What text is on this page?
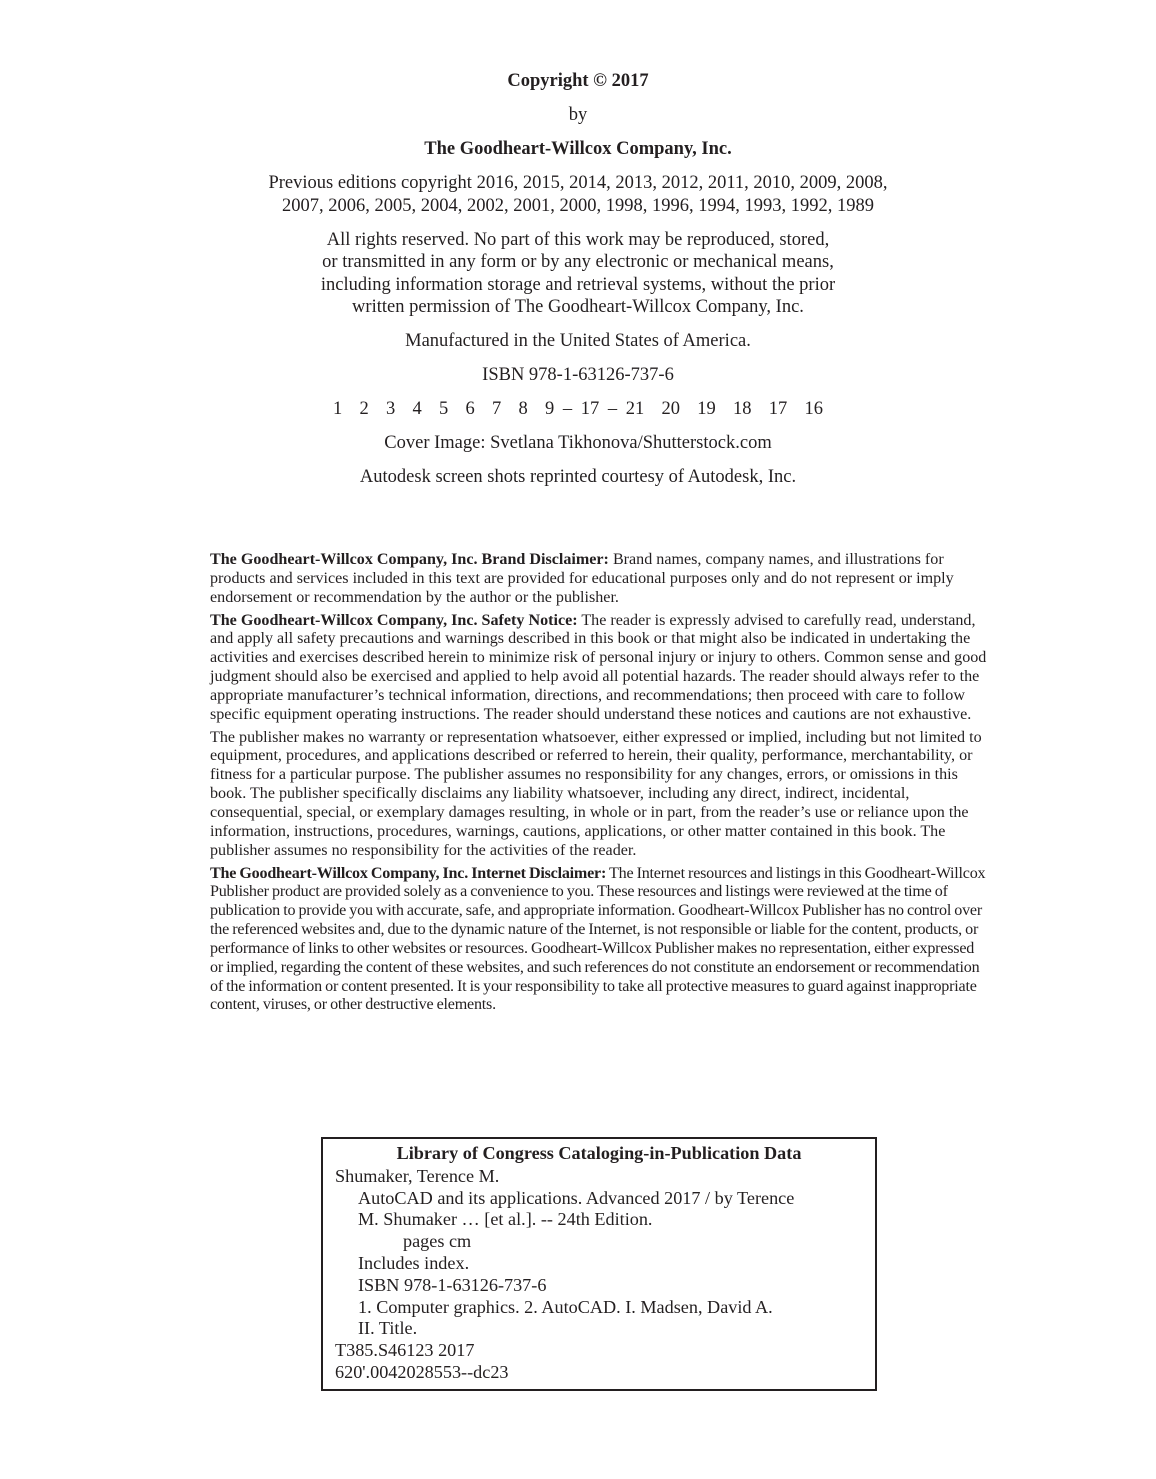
Copyright © 2017

by

The Goodheart-Willcox Company, Inc.

Previous editions copyright 2016, 2015, 2014, 2013, 2012, 2011, 2010, 2009, 2008,
2007, 2006, 2005, 2004, 2002, 2001, 2000, 1998, 1996, 1994, 1993, 1992, 1989

All rights reserved. No part of this work may be reproduced, stored,
or transmitted in any form or by any electronic or mechanical means,
including information storage and retrieval systems, without the prior
written permission of The Goodheart-Willcox Company, Inc.

Manufactured in the United States of America.

ISBN 978-1-63126-737-6

1  2  3  4  5  6  7  8  9 – 17 – 21  20  19  18  17  16

Cover Image: Svetlana Tikhonova/Shutterstock.com

Autodesk screen shots reprinted courtesy of Autodesk, Inc.

The Goodheart-Willcox Company, Inc. Brand Disclaimer: Brand names, company names, and illustrations for products and services included in this text are provided for educational purposes only and do not represent or imply endorsement or recommendation by the author or the publisher.

The Goodheart-Willcox Company, Inc. Safety Notice: The reader is expressly advised to carefully read, understand, and apply all safety precautions and warnings described in this book or that might also be indicated in undertaking the activities and exercises described herein to minimize risk of personal injury or injury to others. Common sense and good judgment should also be exercised and applied to help avoid all potential hazards. The reader should always refer to the appropriate manufacturer’s technical information, directions, and recommendations; then proceed with care to follow specific equipment operating instructions. The reader should understand these notices and cautions are not exhaustive.

The publisher makes no warranty or representation whatsoever, either expressed or implied, including but not limited to equipment, procedures, and applications described or referred to herein, their quality, performance, merchantability, or fitness for a particular purpose. The publisher assumes no responsibility for any changes, errors, or omissions in this book. The publisher specifically disclaims any liability whatsoever, including any direct, indirect, incidental, consequential, special, or exemplary damages resulting, in whole or in part, from the reader’s use or reliance upon the information, instructions, procedures, warnings, cautions, applications, or other matter contained in this book. The publisher assumes no responsibility for the activities of the reader.

The Goodheart-Willcox Company, Inc. Internet Disclaimer: The Internet resources and listings in this Goodheart-Willcox Publisher product are provided solely as a convenience to you. These resources and listings were reviewed at the time of publication to provide you with accurate, safe, and appropriate information. Goodheart-Willcox Publisher has no control over the referenced websites and, due to the dynamic nature of the Internet, is not responsible or liable for the content, products, or performance of links to other websites or resources. Goodheart-Willcox Publisher makes no representation, either expressed or implied, regarding the content of these websites, and such references do not constitute an endorsement or recommendation of the information or content presented. It is your responsibility to take all protective measures to guard against inappropriate content, viruses, or other destructive elements.

Library of Congress Cataloging-in-Publication Data
Shumaker, Terence M.
AutoCAD and its applications. Advanced 2017 / by Terence
M. Shumaker … [et al.]. -- 24th Edition.
pages cm
Includes index.
ISBN 978-1-63126-737-6
1. Computer graphics. 2. AutoCAD. I. Madsen, David A.
II. Title.
T385.S46123 2017
620'.0042028553--dc23
